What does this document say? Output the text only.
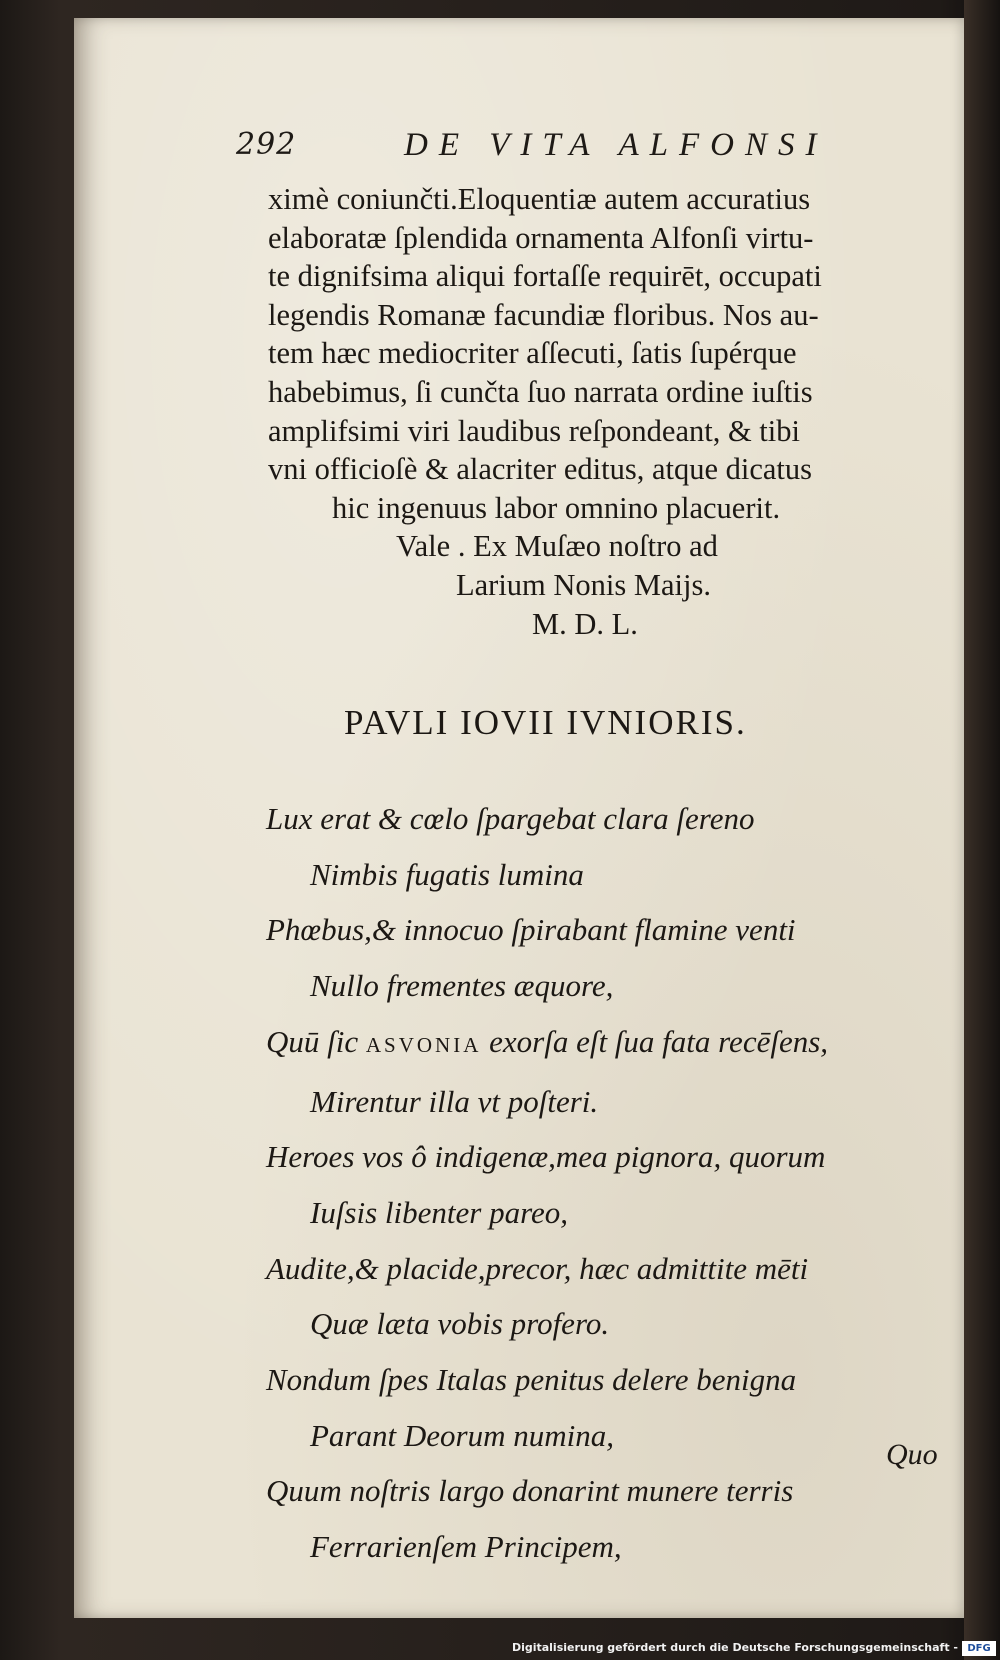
292	DE VITA ALFONSI
ximè coniunčti.Eloquentiæ autem accuratius
elaboratæ ſplendida ornamenta Alfonſi virtu-
te dignifsima aliqui fortaſſe requirēt, occupati
legendis Romanæ facundiæ floribus. Nos au-
tem hæc mediocriter aſſecuti, ſatis ſupérque
habebimus, ſi cunčta ſuo narrata ordine iuſtis
amplifsimi viri laudibus reſpondeant, & tibi
vni officioſè & alacriter editus, atque dicatus
hic ingenuus labor omnino placuerit.
Vale . Ex Muſæo noſtro ad
Larium Nonis Maijs.
M. D. L.
PAVLI IOVII IVNIORIS.
Lux erat & cœlo ſpargebat clara ſereno
Nimbis fugatis lumina
Phœbus,& innocuo ſpirabant flamine venti
Nullo frementes æquore,
Quū ſic ASVONIA exorſa eſt ſua fata recēſens,
Mirentur illa vt poſteri.
Heroes vos ô indigenæ,mea pignora, quorum
Iuſsis libenter pareo,
Audite,& placide,precor, hæc admittite mēti
Quæ læta vobis profero.
Nondum ſpes Italas penitus delere benigna
Parant Deorum numina,
Quum noſtris largo donarint munere terris
Ferrarienſem Principem,
Quo
Digitalisierung gefördert durch die Deutsche Forschungsgemeinschaft - DFG
